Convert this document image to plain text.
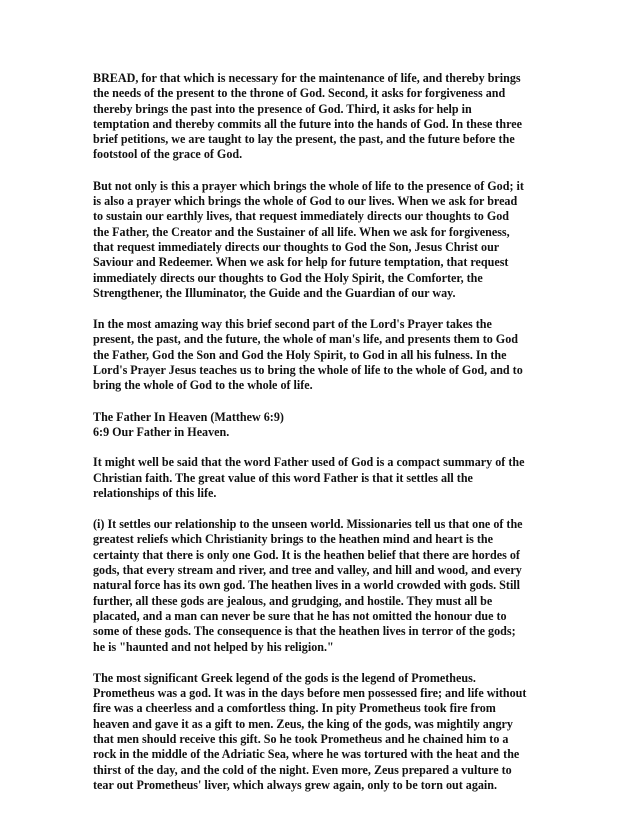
BREAD, for that which is necessary for the maintenance of life, and thereby brings
the needs of the present to the throne of God. Second, it asks for forgiveness and
thereby brings the past into the presence of God. Third, it asks for help in
temptation and thereby commits all the future into the hands of God. In these three
brief petitions, we are taught to lay the present, the past, and the future before the
footstool of the grace of God.

But not only is this a prayer which brings the whole of life to the presence of God; it
is also a prayer which brings the whole of God to our lives. When we ask for bread
to sustain our earthly lives, that request immediately directs our thoughts to God
the Father, the Creator and the Sustainer of all life. When we ask for forgiveness,
that request immediately directs our thoughts to God the Son, Jesus Christ our
Saviour and Redeemer. When we ask for help for future temptation, that request
immediately directs our thoughts to God the Holy Spirit, the Comforter, the
Strengthener, the Illuminator, the Guide and the Guardian of our way.

In the most amazing way this brief second part of the Lord's Prayer takes the
present, the past, and the future, the whole of man's life, and presents them to God
the Father, God the Son and God the Holy Spirit, to God in all his fulness. In the
Lord's Prayer Jesus teaches us to bring the whole of life to the whole of God, and to
bring the whole of God to the whole of life.

The Father In Heaven (Matthew 6:9)
6:9 Our Father in Heaven.

It might well be said that the word Father used of God is a compact summary of the
Christian faith. The great value of this word Father is that it settles all the
relationships of this life.

(i) It settles our relationship to the unseen world. Missionaries tell us that one of the
greatest reliefs which Christianity brings to the heathen mind and heart is the
certainty that there is only one God. It is the heathen belief that there are hordes of
gods, that every stream and river, and tree and valley, and hill and wood, and every
natural force has its own god. The heathen lives in a world crowded with gods. Still
further, all these gods are jealous, and grudging, and hostile. They must all be
placated, and a man can never be sure that he has not omitted the honour due to
some of these gods. The consequence is that the heathen lives in terror of the gods;
he is "haunted and not helped by his religion."

The most significant Greek legend of the gods is the legend of Prometheus.
Prometheus was a god. It was in the days before men possessed fire; and life without
fire was a cheerless and a comfortless thing. In pity Prometheus took fire from
heaven and gave it as a gift to men. Zeus, the king of the gods, was mightily angry
that men should receive this gift. So he took Prometheus and he chained him to a
rock in the middle of the Adriatic Sea, where he was tortured with the heat and the
thirst of the day, and the cold of the night. Even more, Zeus prepared a vulture to
tear out Prometheus' liver, which always grew again, only to be torn out again.
